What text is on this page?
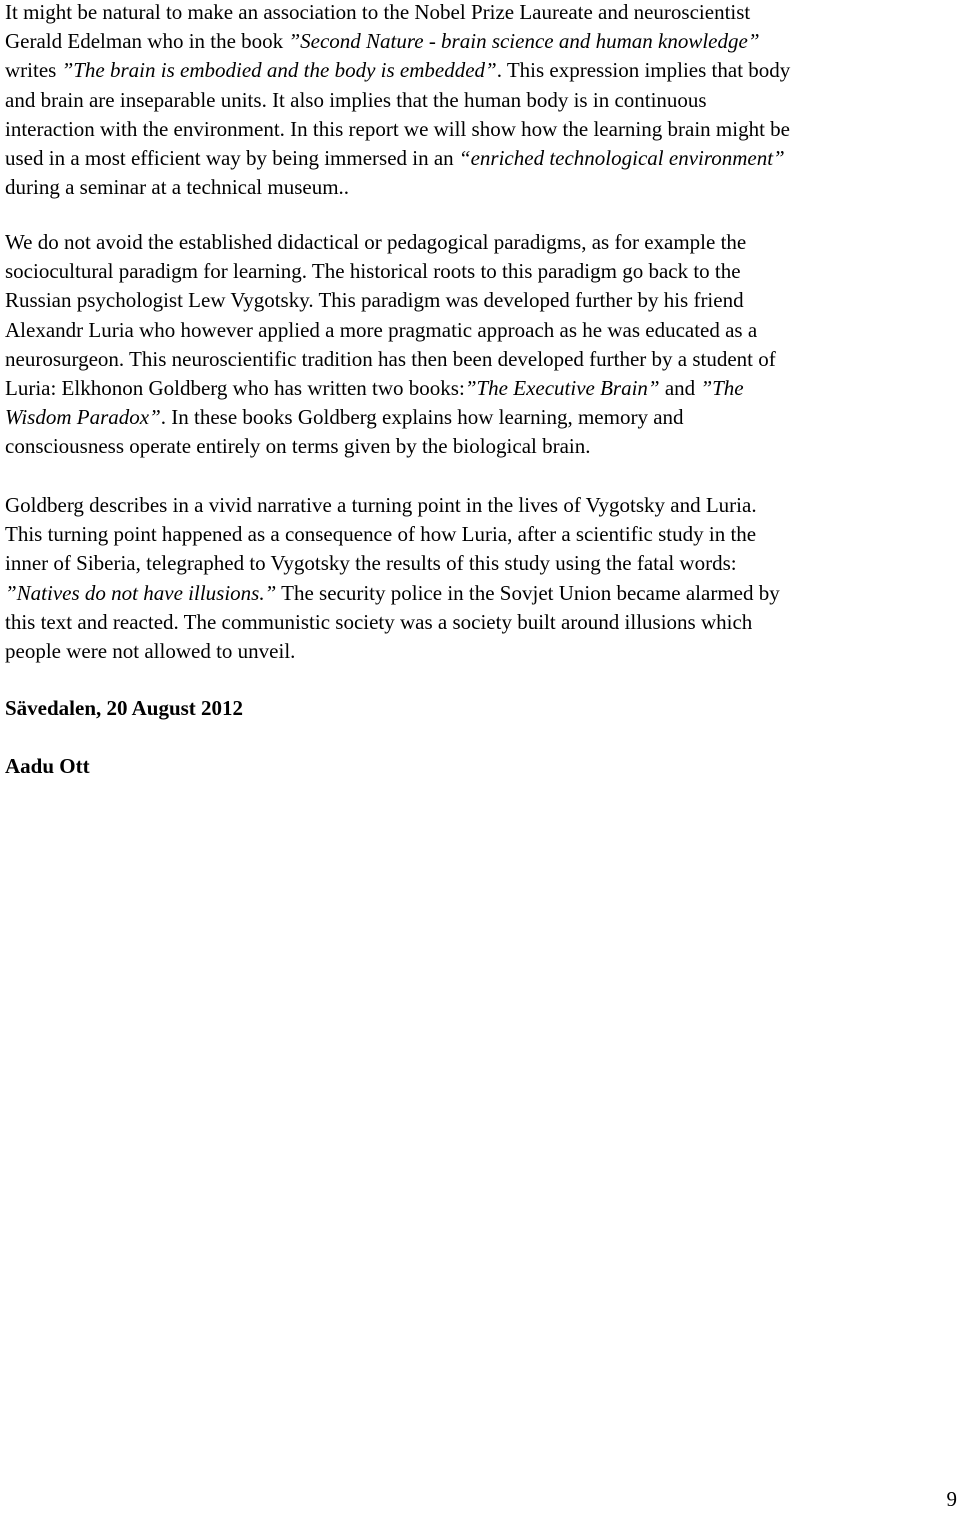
It might be natural to make an association to the Nobel Prize Laureate and neuroscientist
Gerald Edelman who in the book ”Second Nature - brain science and human knowledge”
writes ”The brain is embodied and the body is embedded”. This expression implies that body
and brain are inseparable units. It also implies that the human body is in continuous
interaction with the environment. In this report we will show how the learning brain might be
used in a most efficient way by being immersed in an “enriched technological environment”
during a seminar at a technical museum..
We do not avoid the established didactical or pedagogical paradigms, as for example the
sociocultural paradigm for learning. The historical roots to this paradigm go back to the
Russian psychologist Lew Vygotsky. This paradigm was developed further by his friend
Alexandr Luria who however applied a more pragmatic approach as he was educated as a
neurosurgeon. This neuroscientific tradition has then been developed further by a student of
Luria: Elkhonon Goldberg who has written two books:”The Executive Brain” and ”The
Wisdom Paradox”. In these books Goldberg explains how learning, memory and
consciousness operate entirely on terms given by the biological brain.
Goldberg describes in a vivid narrative a turning point in the lives of Vygotsky and Luria.
This turning point happened as a consequence of how Luria, after a scientific study in the
inner of Siberia, telegraphed to Vygotsky the results of this study using the fatal words:
”Natives do not have illusions.” The security police in the Sovjet Union became alarmed by
this text and reacted. The communistic society was a society built around illusions which
people were not allowed to unveil.

Sävedalen, 20 August 2012

Aadu Ott

9
